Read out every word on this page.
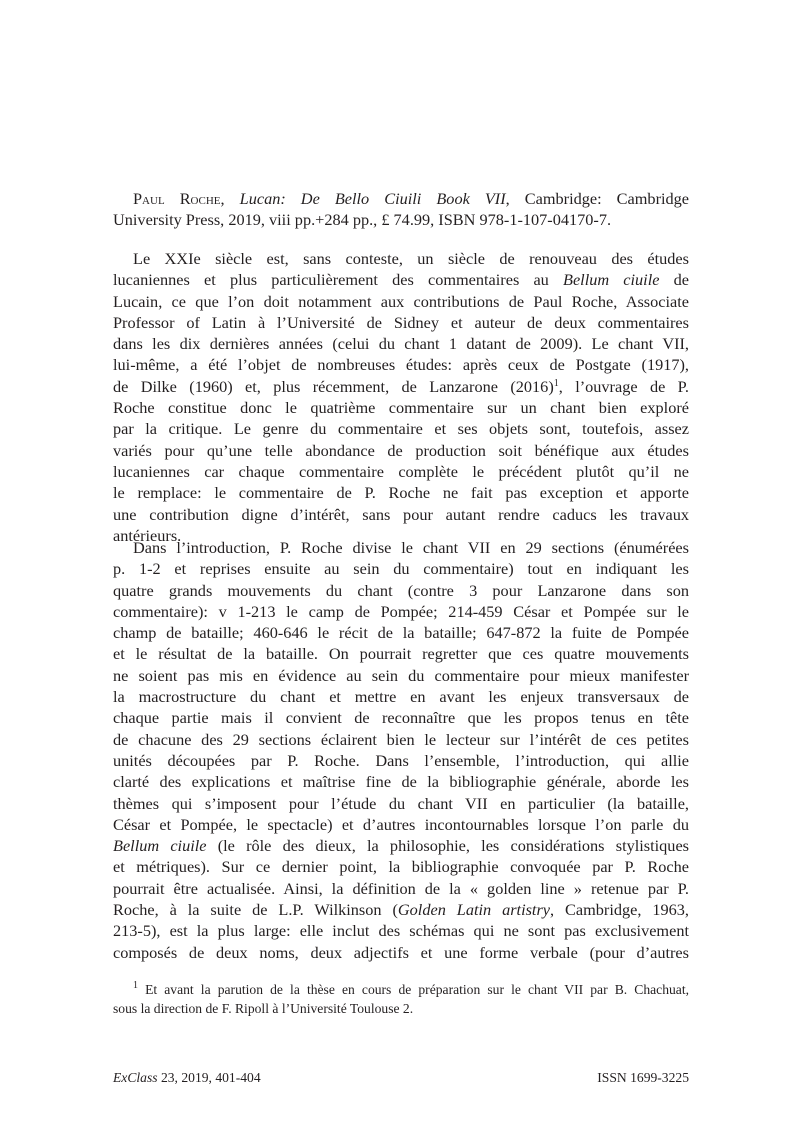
Paul Roche, Lucan: De Bello Ciuili Book VII, Cambridge: Cambridge
University Press, 2019, viii pp.+284 pp., £ 74.99, ISBN 978-1-107-04170-7.
Le XXIe siècle est, sans conteste, un siècle de renouveau des études
lucaniennes et plus particulièrement des commentaires au Bellum ciuile de
Lucain, ce que l’on doit notamment aux contributions de Paul Roche, Associate
Professor of Latin à l’Université de Sidney et auteur de deux commentaires
dans les dix dernières années (celui du chant 1 datant de 2009). Le chant VII,
lui-même, a été l’objet de nombreuses études: après ceux de Postgate (1917),
de Dilke (1960) et, plus récemment, de Lanzarone $(2016)^1$, l’ouvrage de P.
Roche constitue donc le quatrième commentaire sur un chant bien exploré
par la critique. Le genre du commentaire et ses objets sont, toutefois, assez
variés pour qu’une telle abondance de production soit bénéfique aux études
lucaniennes car chaque commentaire complète le précédent plutôt qu’il ne
le remplace: le commentaire de P. Roche ne fait pas exception et apporte
une contribution digne d’intérêt, sans pour autant rendre caducs les travaux
antérieurs.
Dans l’introduction, P. Roche divise le chant VII en 29 sections (énumérées
p. 1-2 et reprises ensuite au sein du commentaire) tout en indiquant les
quatre grands mouvements du chant (contre 3 pour Lanzarone dans son
commentaire): v 1-213 le camp de Pompée; 214-459 César et Pompée sur le
champ de bataille; 460-646 le récit de la bataille; 647-872 la fuite de Pompée
et le résultat de la bataille. On pourrait regretter que ces quatre mouvements
ne soient pas mis en évidence au sein du commentaire pour mieux manifester
la macrostructure du chant et mettre en avant les enjeux transversaux de
chaque partie mais il convient de reconnaître que les propos tenus en tête
de chacune des 29 sections éclairent bien le lecteur sur l’intérêt de ces petites
unités découpées par P. Roche. Dans l’ensemble, l’introduction, qui allie
clarté des explications et maîtrise fine de la bibliographie générale, aborde les
thèmes qui s’imposent pour l’étude du chant VII en particulier (la bataille,
César et Pompée, le spectacle) et d’autres incontournables lorsque l’on parle du
Bellum ciuile (le rôle des dieux, la philosophie, les considérations stylistiques
et métriques). Sur ce dernier point, la bibliographie convoquée par P. Roche
pourrait être actualisée. Ainsi, la définition de la « golden line » retenue par P.
Roche, à la suite de L.P. Wilkinson (Golden Latin artistry, Cambridge, 1963,
213-5), est la plus large: elle inclut des schémas qui ne sont pas exclusivement
composés de deux noms, deux adjectifs et une forme verbale (pour d’autres
$^1$ Et avant la parution de la thèse en cours de préparation sur le chant VII par B. Chachuat,
sous la direction de F. Ripoll à l’Université Toulouse 2.
ExClass 23, 2019, 401-404	ISSN 1699-3225
